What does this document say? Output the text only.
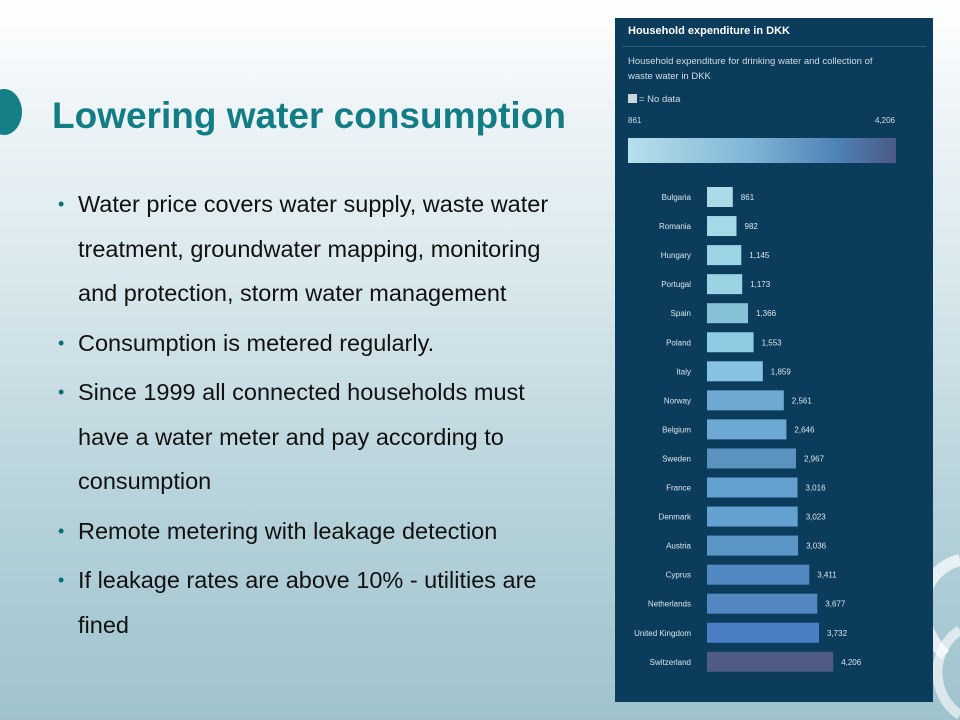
Lowering water consumption
• Water price covers water supply, waste water treatment, groundwater mapping, monitoring and protection, storm water management
• Consumption is metered regularly.
• Since 1999 all connected households must have a water meter and pay according to consumption
• Remote metering with leakage detection
• If leakage rates are above 10% - utilities are fined
Household expenditure in DKK
Household expenditure for drinking water and collection of waste water in DKK
= No data
861	4,206
Bulgaria	861
Romania	982
Hungary	1,145
Portugal	1,173
Spain	1,366
Poland	1,553
Italy	1,859
Norway	2,561
Belgium	2,646
Sweden	2,967
France	3,016
Denmark	3,023
Austria	3,036
Cyprus	3,411
Netherlands	3,677
United Kingdom	3,732
Switzerland	4,206
